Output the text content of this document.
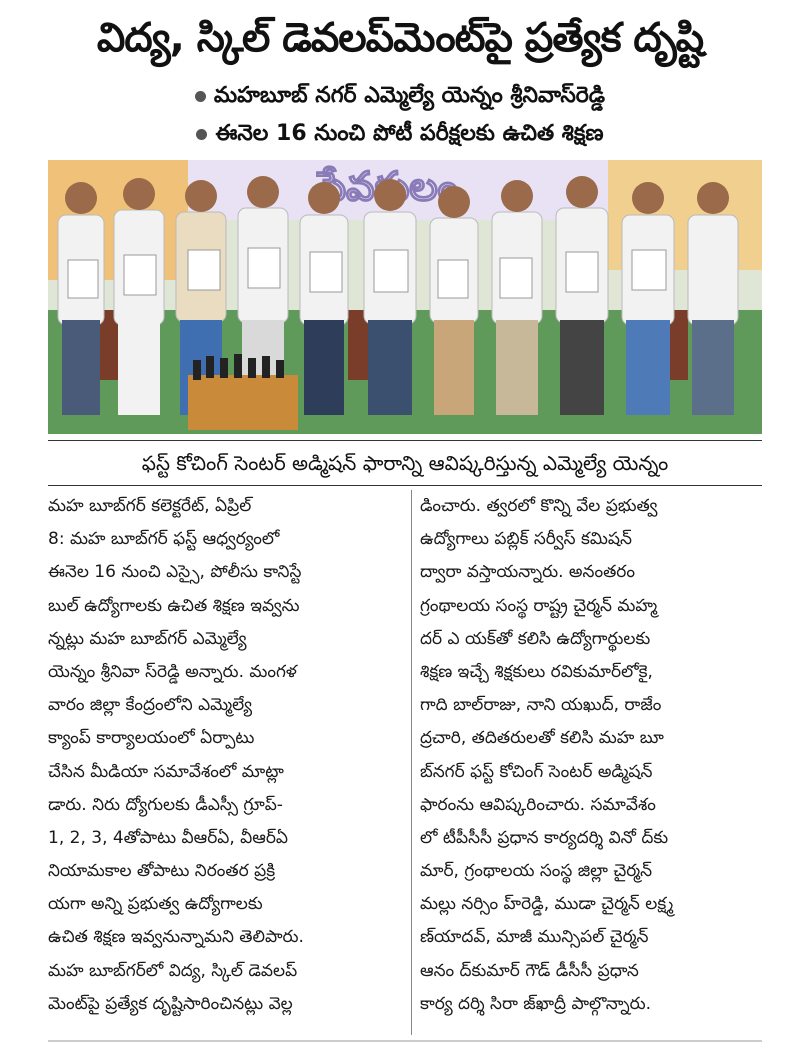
విద్య, స్కిల్ డెవలప్‌మెంట్‌పై ప్రత్యేక దృష్టి
మహబూబ్ నగర్ ఎమ్మెల్యే యెన్నం శ్రీనివాస్‌రెడ్డి
ఈనెల 16 నుంచి పోటీ పరీక్షలకు ఉచిత శిక్షణ
ఫస్ట్ కోచింగ్ సెంటర్ అడ్మిషన్ ఫారాన్ని ఆవిష్కరిస్తున్న ఎమ్మెల్యే యెన్నం
మహ బూబ్‌గర్ కలెక్టరేట్, ఏప్రిల్
8: మహ బూబ్‌గర్ ఫస్ట్ ఆధ్వర్యంలో
ఈనెల 16 నుంచి ఎస్సై, పోలీసు కానిస్టే
బుల్ ఉద్యోగాలకు ఉచిత శిక్షణ ఇవ్వను
న్నట్లు మహ బూబ్‌గర్ ఎమ్మెల్యే
యెన్నం శ్రీనివా స్‌రెడ్డి అన్నారు. మంగళ
వారం జిల్లా కేంద్రంలోని ఎమ్మెల్యే
క్యాంప్ కార్యాలయంలో ఏర్పాటు
చేసిన మీడియా సమావేశంలో మాట్లా
డారు. నిరు ద్యోగులకు డీఎస్సీ గ్రూప్-
1, 2, 3, 4తోపాటు వీఆర్‌ఏ, వీఆర్‌ఏ
నియామకాల తోపాటు నిరంతర ప్రక్రి
యగా అన్ని ప్రభుత్వ ఉద్యోగాలకు
ఉచిత శిక్షణ ఇవ్వనున్నామని తెలిపారు.
మహ బూబ్‌గర్‌లో విద్య, స్కిల్ డెవలప్
మెంట్‌పై ప్రత్యేక దృష్టిసారించినట్లు వెల్ల
డించారు. త్వరలో కొన్ని వేల ప్రభుత్వ
ఉద్యోగాలు పబ్లిక్ సర్వీస్ కమిషన్
ద్వారా వస్తాయన్నారు. అనంతరం
గ్రంథాలయ సంస్థ రాష్ట్ర చైర్మన్ మహ్మ
దర్ ఎ యక్‌తో కలిసి ఉద్యోగార్థులకు
శిక్షణ ఇచ్చే శిక్షకులు రవికుమార్‌లోకై,
గాది బాల్‌రాజు, నాని యఖుద్, రాజేం
ద్రచారి, తదితరులతో కలిసి మహ బూ
బ్‌నగర్ ఫస్ట్ కోచింగ్ సెంటర్ అడ్మిషన్
ఫారంను ఆవిష్కరించారు. సమావేశం
లో టీపీసీసీ ప్రధాన కార్యదర్శి వినో ద్‌కు
మార్, గ్రంథాలయ సంస్థ జిల్లా చైర్మన్
మల్లు నర్సిం హ్‌రెడ్డి, ముడా చైర్మన్ లక్ష్మ
ణ్‌యాదవ్, మాజీ మున్సిపల్ చైర్మన్
ఆనం ద్‌కుమార్ గౌడ్ డీసీసీ ప్రధాన
కార్య దర్శి సిరా జ్‌ఖాద్రీ పాల్గొన్నారు.
